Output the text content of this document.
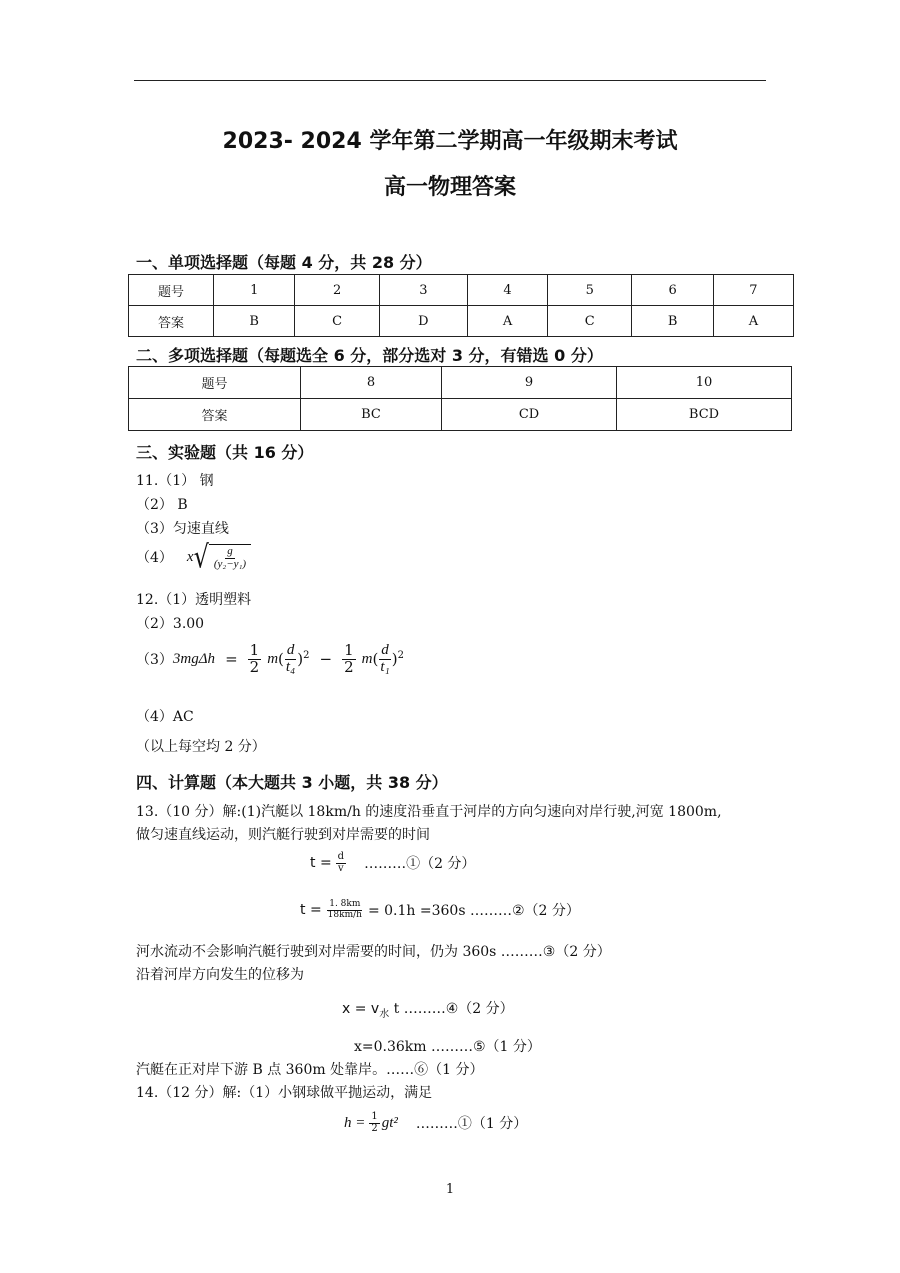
2023- 2024 学年第二学期高一年级期末考试
高一物理答案
一、单项选择题（每题 4 分，共 28 分）
题号	1	2	3	4	5	6	7
答案	B	C	D	A	C	B	A
二、多项选择题（每题选全 6 分，部分选对 3 分，有错选 0 分）
题号	8	9	10
答案	BC	CD	BCD
三、实验题（共 16 分）
11.（1） 钢
（2） B
（3）匀速直线
（4） x √ $\frac{g}{\text{(y₂−y₁)}}$
12.（1）透明塑料
（2）3.00
（3） $3mg\Delta h = \frac{1}{2}$ m ( $\frac{d}{\text{t₄}} )^2 - \frac{1}{2}$ m ( $\frac{d}{\text{t₁}} )^2$
（4）AC
（以上每空均 2 分）
四、计算题（本大题共 3 小题，共 38 分）
13.（10 分）解:(1)汽艇以 18km/h 的速度沿垂直于河岸的方向匀速向对岸行驶,河宽 1800m,
做匀速直线运动，则汽艇行驶到对岸需要的时间
$t = \frac{d}{v}$ ………①（2 分）
$t = \frac{1. 8km}{18km/h} = 0.1h =360s$ ………②（2 分）
河水流动不会影响汽艇行驶到对岸需要的时间，仍为 360s ………③（2 分）
沿着河岸方向发生的位移为
$x = v_水$ t ………④（2 分）
x=0.36km ………⑤（1 分）
汽艇在正对岸下游 B 点 360m 处靠岸。……⑥（1 分）
14.（12 分）解:（1）小钢球做平抛运动，满足
$h = \frac{1}{2} gt^2$ ………①（1 分）
1
